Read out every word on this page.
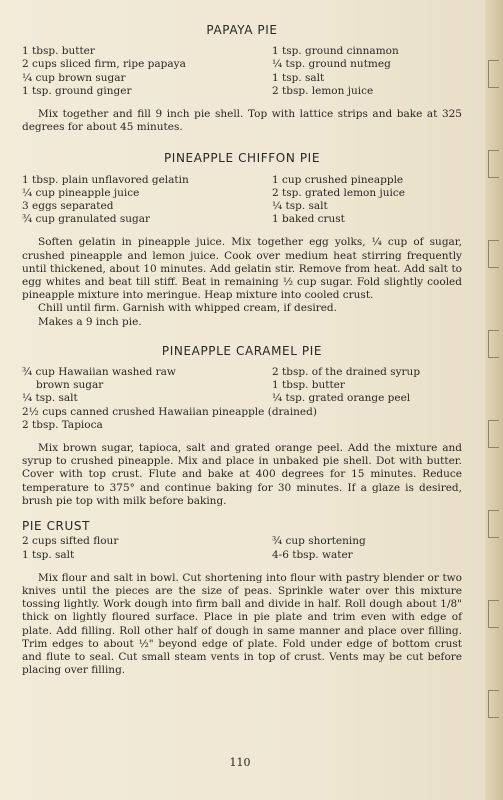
PAPAYA PIE
1 tbsp. butter
2 cups sliced firm, ripe papaya
¼ cup brown sugar
1 tsp. ground ginger
1 tsp. ground cinnamon
¼ tsp. ground nutmeg
1 tsp. salt
2 tbsp. lemon juice

Mix together and fill 9 inch pie shell. Top with lattice strips and bake at 325 degrees for about 45 minutes.

PINEAPPLE CHIFFON PIE
1 tbsp. plain unflavored gelatin
¼ cup pineapple juice
3 eggs separated
¾ cup granulated sugar
1 cup crushed pineapple
2 tsp. grated lemon juice
¼ tsp. salt
1 baked crust

Soften gelatin in pineapple juice. Mix together egg yolks, ¼ cup of sugar, crushed pineapple and lemon juice. Cook over medium heat stirring frequently until thickened, about 10 minutes. Add gelatin stir. Remove from heat. Add salt to egg whites and beat till stiff. Beat in remaining ½ cup sugar. Fold slightly cooled pineapple mixture into meringue. Heap mixture into cooled crust.

Chill until firm. Garnish with whipped cream, if desired.

Makes a 9 inch pie.

PINEAPPLE CARAMEL PIE
¾ cup Hawaiian washed raw
brown sugar
¼ tsp. salt
2 tbsp. of the drained syrup
1 tbsp. butter
¼ tsp. grated orange peel
2½ cups canned crushed Hawaiian pineapple (drained)
2 tbsp. Tapioca

Mix brown sugar, tapioca, salt and grated orange peel. Add the mixture and syrup to crushed pineapple. Mix and place in unbaked pie shell. Dot with butter. Cover with top crust. Flute and bake at 400 degrees for 15 minutes. Reduce temperature to 375° and continue baking for 30 minutes. If a glaze is desired, brush pie top with milk before baking.

PIE CRUST
2 cups sifted flour
1 tsp. salt
¾ cup shortening
4-6 tbsp. water

Mix flour and salt in bowl. Cut shortening into flour with pastry blender or two knives until the pieces are the size of peas. Sprinkle water over this mixture tossing lightly. Work dough into firm ball and divide in half. Roll dough about 1/8" thick on lightly floured surface. Place in pie plate and trim even with edge of plate. Add filling. Roll other half of dough in same manner and place over filling. Trim edges to about ½" beyond edge of plate. Fold under edge of bottom crust and flute to seal. Cut small steam vents in top of crust. Vents may be cut before placing over filling.

110
